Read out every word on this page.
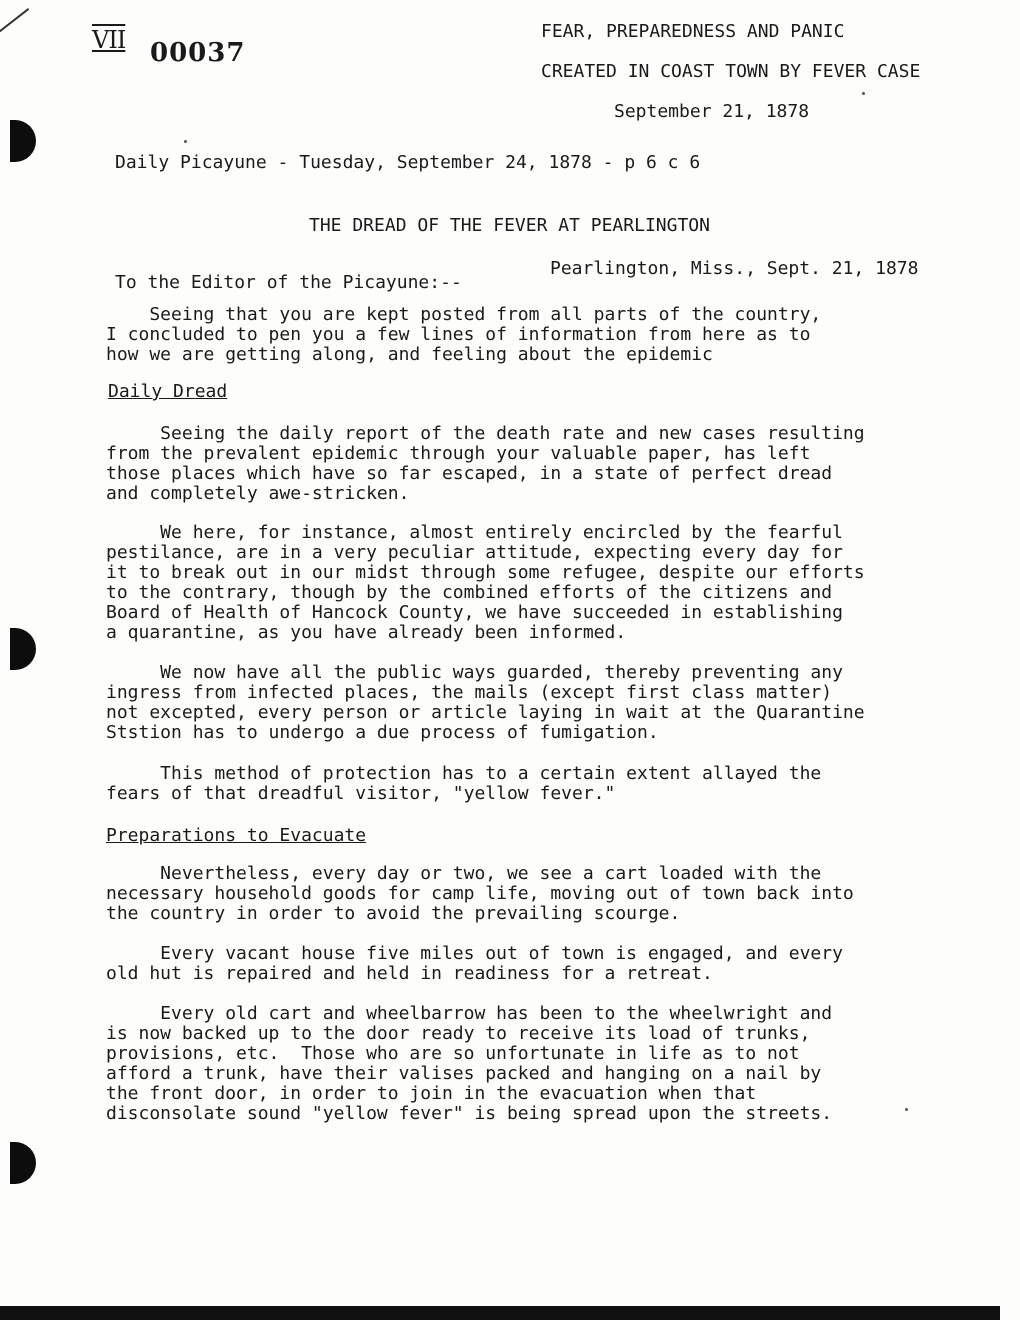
VII 00037
FEAR, PREPAREDNESS AND PANIC
CREATED IN COAST TOWN BY FEVER CASE
September 21, 1878
Daily Picayune - Tuesday, September 24, 1878 - p 6 c 6
THE DREAD OF THE FEVER AT PEARLINGTON
Pearlington, Miss., Sept. 21, 1878
To the Editor of the Picayune:--
Seeing that you are kept posted from all parts of the country,
I concluded to pen you a few lines of information from here as to
how we are getting along, and feeling about the epidemic
Daily Dread
Seeing the daily report of the death rate and new cases resulting
from the prevalent epidemic through your valuable paper, has left
those places which have so far escaped, in a state of perfect dread
and completely awe-stricken.
We here, for instance, almost entirely encircled by the fearful
pestilance, are in a very peculiar attitude, expecting every day for
it to break out in our midst through some refugee, despite our efforts
to the contrary, though by the combined efforts of the citizens and
Board of Health of Hancock County, we have succeeded in establishing
a quarantine, as you have already been informed.
We now have all the public ways guarded, thereby preventing any
ingress from infected places, the mails (except first class matter)
not excepted, every person or article laying in wait at the Quarantine
Ststion has to undergo a due process of fumigation.
This method of protection has to a certain extent allayed the
fears of that dreadful visitor, "yellow fever."
Preparations to Evacuate
Nevertheless, every day or two, we see a cart loaded with the
necessary household goods for camp life, moving out of town back into
the country in order to avoid the prevailing scourge.
Every vacant house five miles out of town is engaged, and every
old hut is repaired and held in readiness for a retreat.
Every old cart and wheelbarrow has been to the wheelwright and
is now backed up to the door ready to receive its load of trunks,
provisions, etc.  Those who are so unfortunate in life as to not
afford a trunk, have their valises packed and hanging on a nail by
the front door, in order to join in the evacuation when that
disconsolate sound "yellow fever" is being spread upon the streets.
